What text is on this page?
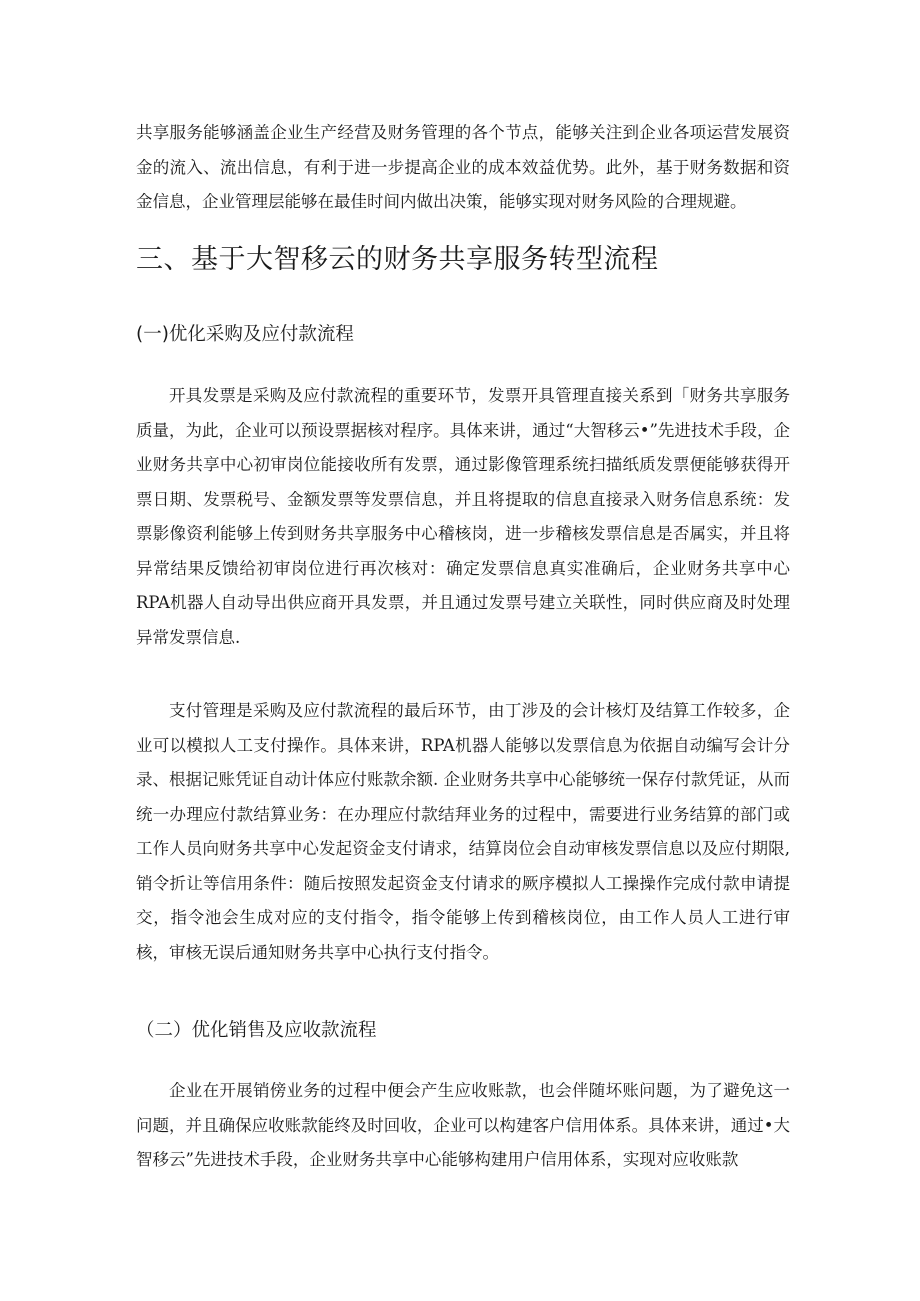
共享服务能够涵盖企业生产经营及财务管理的各个节点，能够关注到企业各项运营发展资金的流入、流出信息，有利于进一步提高企业的成本效益优势。此外，基于财务数据和资金信息，企业管理层能够在最佳时间内做出决策，能够实现对财务风险的合理规避。

三、基于大智移云的财务共享服务转型流程
(一)优化采购及应付款流程

开具发票是采购及应付款流程的重要环节，发票开具管理直接关系到「财务共享服务质量，为此，企业可以预设票据核对程序。具体来讲，通过“大智移云•”先进技术手段，企业财务共享中心初审岗位能接收所有发票，通过影像管理系统扫描纸质发票便能够获得开票日期、发票税号、金额发票等发票信息，并且将提取的信息直接录入财务信息系统：发票影像资利能够上传到财务共享服务中心稽核岗，进一步稽核发票信息是否属实，并且将异常结果反馈给初审岗位进行再次核对：确定发票信息真实准确后，企业财务共享中心RPA机器人自动导出供应商开具发票，并且通过发票号建立关联性，同时供应商及时处理异常发票信息.

支付管理是采购及应付款流程的最后环节，由丁涉及的会计核灯及结算工作较多，企业可以模拟人工支付操作。具体来讲，RPA机器人能够以发票信息为依据自动编写会计分录、根据记账凭证自动计体应付账款余额. 企业财务共享中心能够统一保存付款凭证，从而统一办理应付款结算业务：在办理应付款结拜业务的过程中，需要进行业务结算的部门或工作人员向财务共享中心发起资金支付请求，结算岗位会自动审核发票信息以及应付期限,销令折让等信用条件：随后按照发起资金支付请求的厥序模拟人工操操作完成付款申请提交，指令池会生成对应的支付指令，指令能够上传到稽核岗位，由工作人员人工进行审核，审核无误后通知财务共享中心执行支付指令。

（二）优化销售及应收款流程

企业在开展销傍业务的过程中便会产生应收账款，也会伴随坏账问题，为了避免这一问题，并且确保应收账款能终及时回收，企业可以构建客户信用体系。具体来讲，通过•大智移云”先进技术手段，企业财务共享中心能够构建用户信用体系，实现对应收账款
